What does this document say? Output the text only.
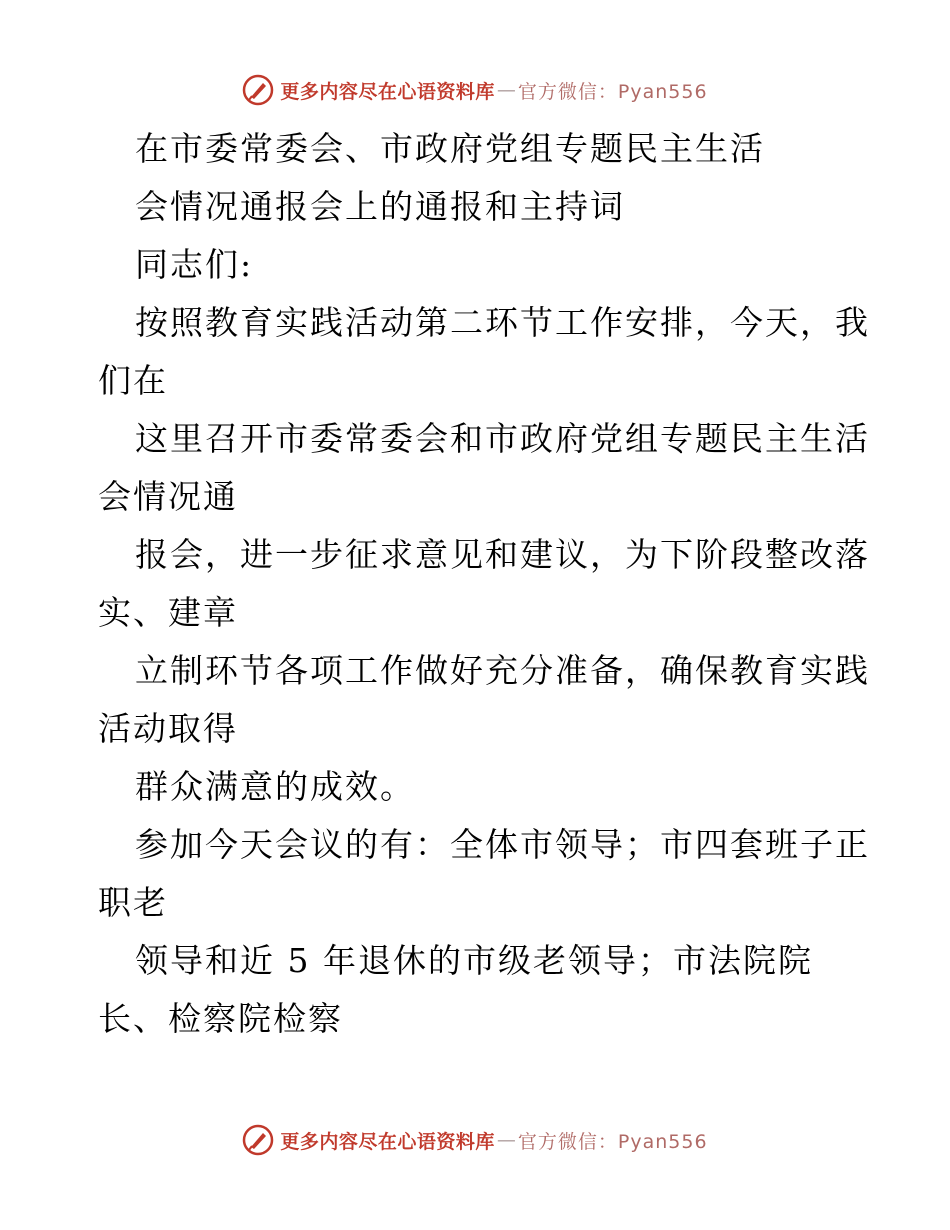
更多内容尽在心语资料库 — 官方微信：Pyan556
在市委常委会、市政府党组专题民主生活
会情况通报会上的通报和主持词
同志们:
按照教育实践活动第二环节工作安排，今天，我
们在
这里召开市委常委会和市政府党组专题民主生活
会情况通
报会，进一步征求意见和建议，为下阶段整改落
实、建章
立制环节各项工作做好充分准备，确保教育实践
活动取得
群众满意的成效。
参加今天会议的有：全体市领导；市四套班子正
职老
领导和近 5 年退休的市级老领导；市法院院
长、检察院检察
更多内容尽在心语资料库 — 官方微信：Pyan556
